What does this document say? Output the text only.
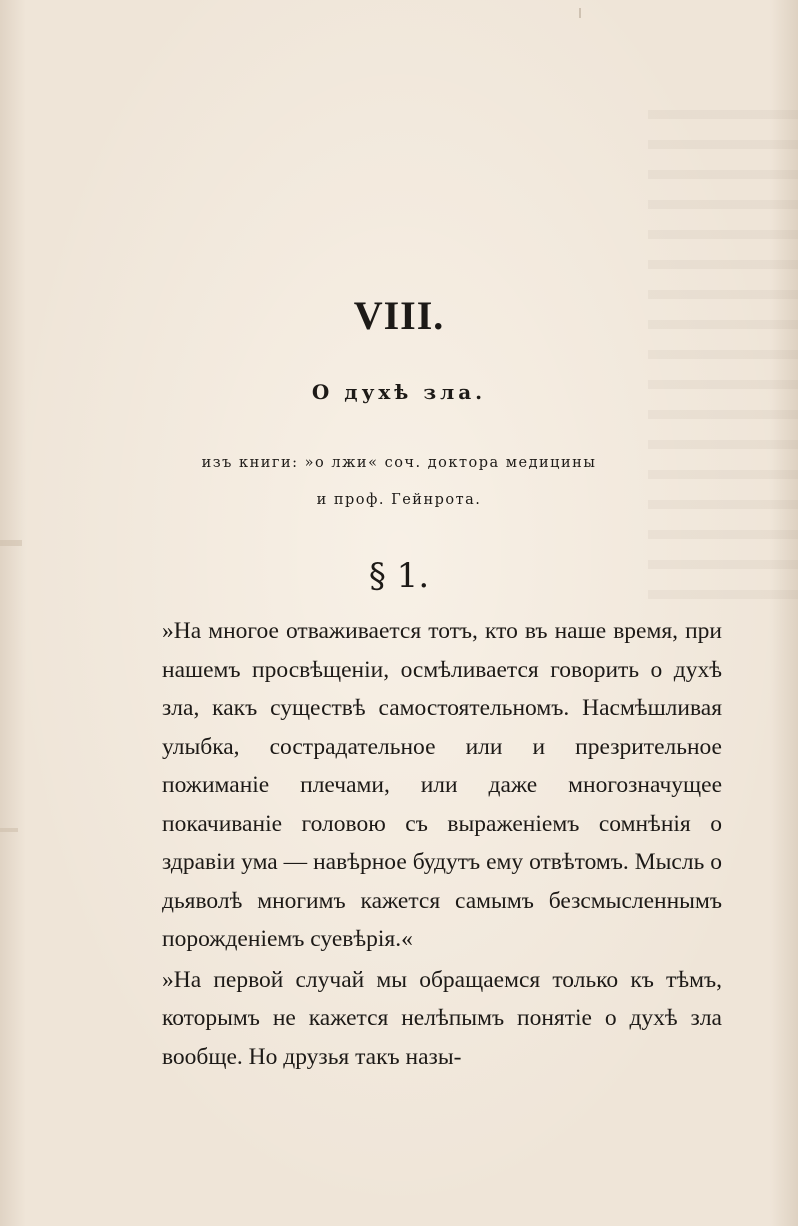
VIII.
О духѣ зла.
изъ книги: »о лжи« соч. доктора медицины
и проф. Гейнрота.
§ 1.

»На многое отваживается тотъ, кто въ наше время, при нашемъ просвѣщеніи, осмѣливается говорить о духѣ зла, какъ существѣ самостоятельномъ. Насмѣшливая улыбка, сострадательное или и презрительное пожиманіе плечами, или даже многозначущее покачиваніе головою съ выраженіемъ сомнѣнія о здравіи ума — навѣрное будутъ ему отвѣтомъ. Мысль о дьяволѣ многимъ кажется самымъ безсмысленнымъ порожденіемъ суевѣрія.«

»На первой случай мы обращаемся только къ тѣмъ, которымъ не кажется нелѣпымъ понятіе о духѣ зла вообще. Но друзья такъ назы-
